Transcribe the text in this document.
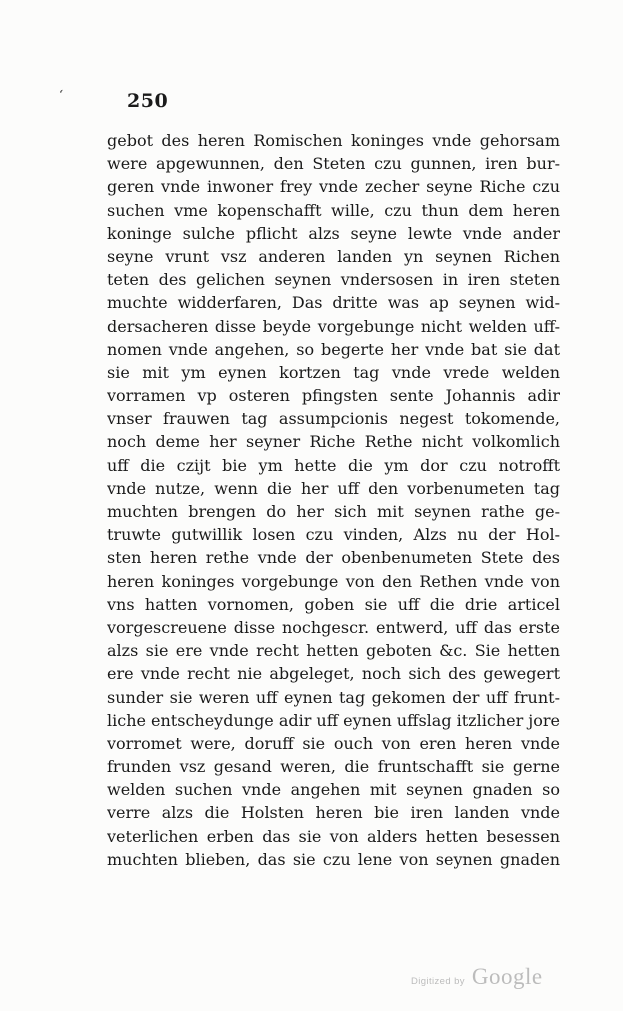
‘	250
gebot des heren Romischen koninges vnde gehorsam
were apgewunnen, den Steten czu gunnen, iren bur-
geren vnde inwoner frey vnde zecher seyne Riche czu
suchen vme kopenschafft wille, czu thun dem heren
koninge sulche pflicht alzs seyne lewte vnde ander
seyne vrunt vsz anderen landen yn seynen Richen
teten des gelichen seynen vndersosen in iren steten
muchte widderfaren, Das dritte was ap seynen wid-
dersacheren disse beyde vorgebunge nicht welden uff-
nomen vnde angehen, so begerte her vnde bat sie dat
sie mit ym eynen kortzen tag vnde vrede welden
vorramen vp osteren pfingsten sente Johannis adir
vnser frauwen tag assumpcionis negest tokomende,
noch deme her seyner Riche Rethe nicht volkomlich
uff die czijt bie ym hette die ym dor czu notrofft
vnde nutze, wenn die her uff den vorbenumeten tag
muchten brengen do her sich mit seynen rathe ge-
truwte gutwillik losen czu vinden, Alzs nu der Hol-
sten heren rethe vnde der obenbenumeten Stete des
heren koninges vorgebunge von den Rethen vnde von
vns hatten vornomen, goben sie uff die drie articel
vorgescreuene disse nochgescr. entwerd, uff das erste
alzs sie ere vnde recht hetten geboten &c. Sie hetten
ere vnde recht nie abgeleget, noch sich des gewegert
sunder sie weren uff eynen tag gekomen der uff frunt-
liche entscheydunge adir uff eynen uffslag itzlicher jore
vorromet were, doruff sie ouch von eren heren vnde
frunden vsz gesand weren, die fruntschafft sie gerne
welden suchen vnde angehen mit seynen gnaden so
verre alzs die Holsten heren bie iren landen vnde
veterlichen erben das sie von alders hetten besessen
muchten blieben, das sie czu lene von seynen gnaden
Digitized by Google
